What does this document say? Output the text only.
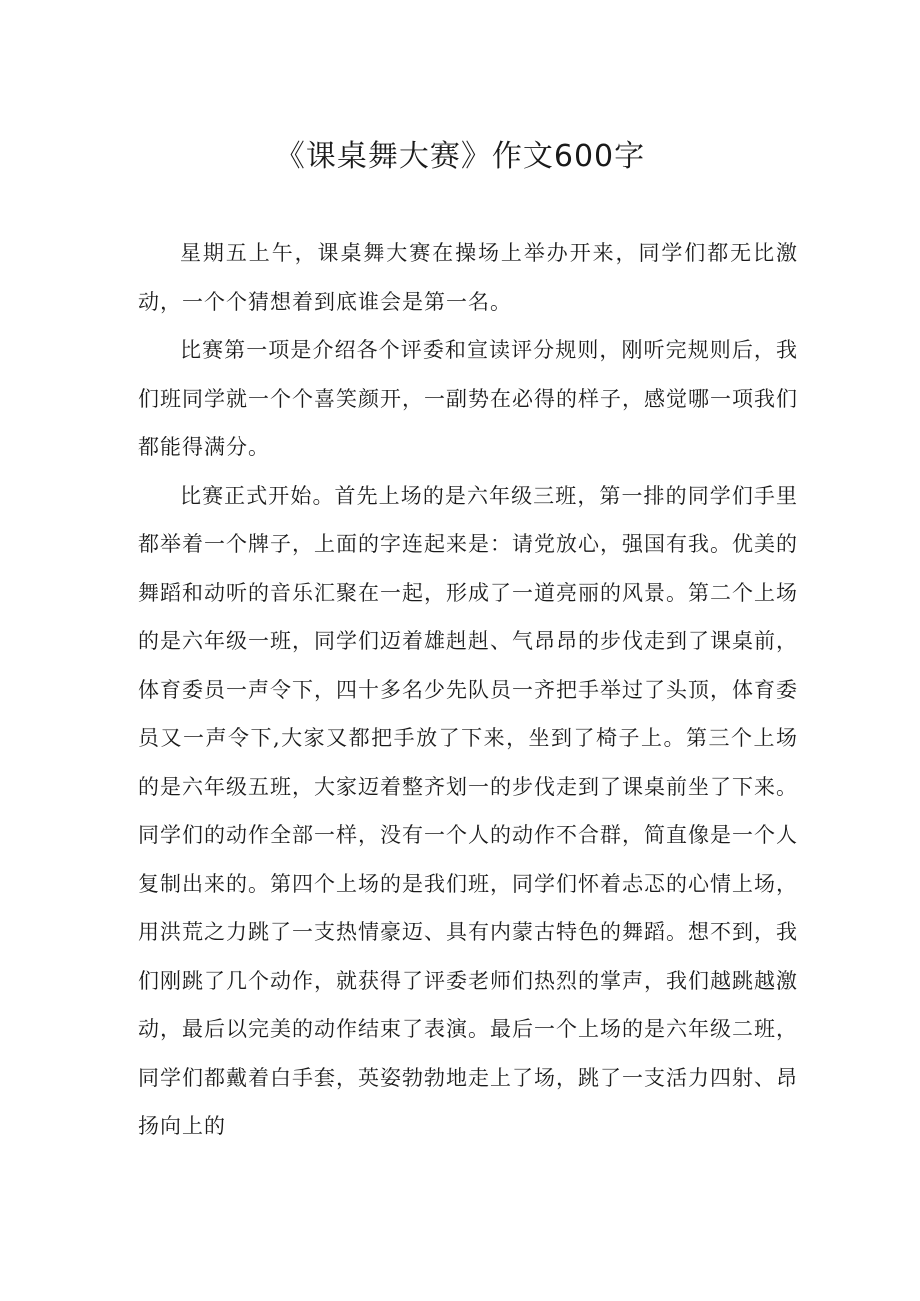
《课桌舞大赛》作文600字

星期五上午，课桌舞大赛在操场上举办开来，同学们都无比激动，一个个猜想着到底谁会是第一名。

比赛第一项是介绍各个评委和宣读评分规则，刚听完规则后，我们班同学就一个个喜笑颜开，一副势在必得的样子，感觉哪一项我们都能得满分。

比赛正式开始。首先上场的是六年级三班，第一排的同学们手里都举着一个牌子，上面的字连起来是：请党放心，强国有我。优美的舞蹈和动听的音乐汇聚在一起，形成了一道亮丽的风景。第二个上场的是六年级一班，同学们迈着雄赳赳、气昂昂的步伐走到了课桌前，体育委员一声令下，四十多名少先队员一齐把手举过了头顶，体育委员又一声令下,大家又都把手放了下来，坐到了椅子上。第三个上场的是六年级五班，大家迈着整齐划一的步伐走到了课桌前坐了下来。同学们的动作全部一样，没有一个人的动作不合群，简直像是一个人复制出来的。第四个上场的是我们班，同学们怀着忐忑的心情上场，用洪荒之力跳了一支热情豪迈、具有内蒙古特色的舞蹈。想不到，我们刚跳了几个动作，就获得了评委老师们热烈的掌声，我们越跳越激动，最后以完美的动作结束了表演。最后一个上场的是六年级二班，同学们都戴着白手套，英姿勃勃地走上了场，跳了一支活力四射、昂扬向上的
